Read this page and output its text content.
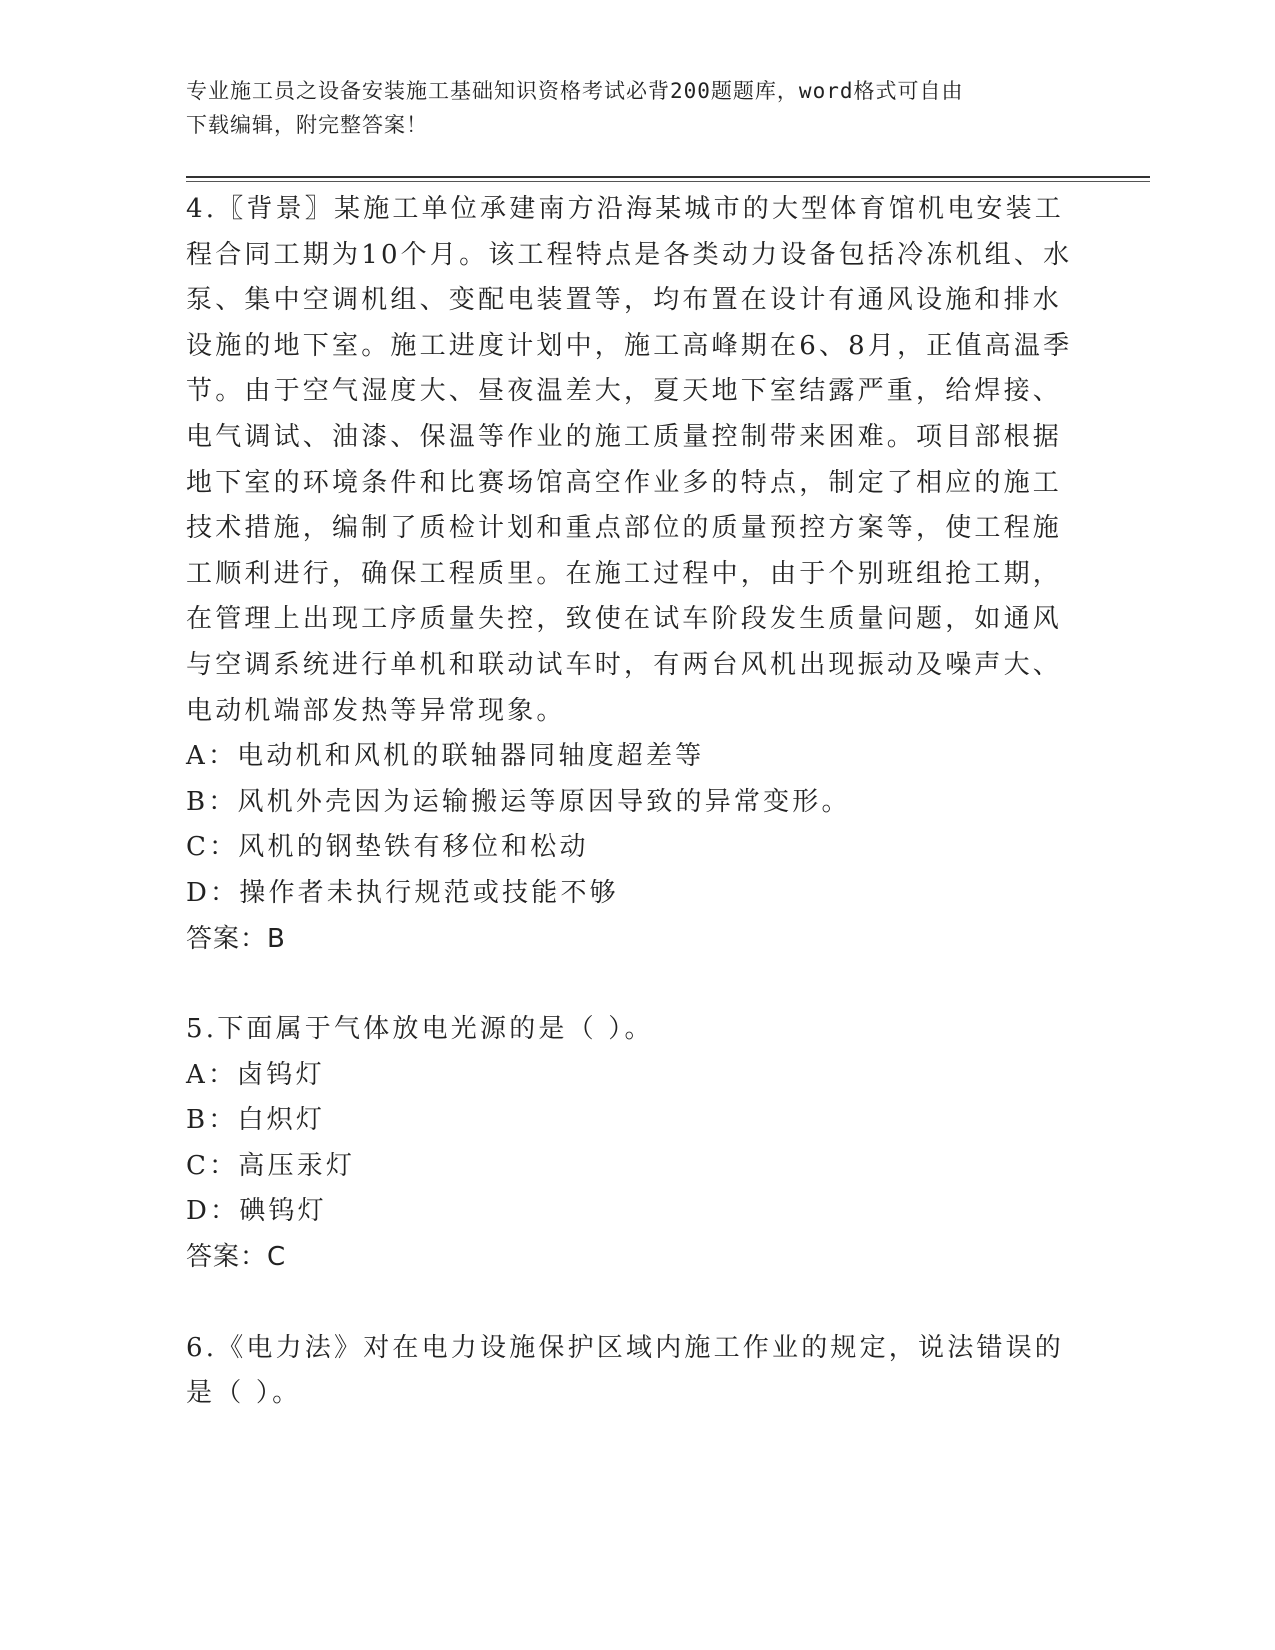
专业施工员之设备安装施工基础知识资格考试必背200题题库，word格式可自由
下载编辑，附完整答案！

4.〖背景〗某施工单位承建南方沿海某城市的大型体育馆机电安装工

程合同工期为10个月。该工程特点是各类动力设备包括冷冻机组、水

泵、集中空调机组、变配电装置等，均布置在设计有通风设施和排水

设施的地下室。施工进度计划中，施工高峰期在6、8月，正值高温季

节。由于空气湿度大、昼夜温差大，夏天地下室结露严重，给焊接、

电气调试、油漆、保温等作业的施工质量控制带来困难。项目部根据

地下室的环境条件和比赛场馆高空作业多的特点，制定了相应的施工

技术措施，编制了质检计划和重点部位的质量预控方案等，使工程施

工顺利进行，确保工程质里。在施工过程中，由于个别班组抢工期，

在管理上出现工序质量失控，致使在试车阶段发生质量问题，如通风

与空调系统进行单机和联动试车时，有两台风机出现振动及噪声大、

电动机端部发热等异常现象。

A：电动机和风机的联轴器同轴度超差等

B：风机外壳因为运输搬运等原因导致的异常变形。

C：风机的钢垫铁有移位和松动

D：操作者未执行规范或技能不够

答案：B

5.下面属于气体放电光源的是（ ）。

A：卤钨灯

B：白炽灯

C：高压汞灯

D：碘钨灯

答案：C

6.《电力法》对在电力设施保护区域内施工作业的规定，说法错误的

是（ ）。
